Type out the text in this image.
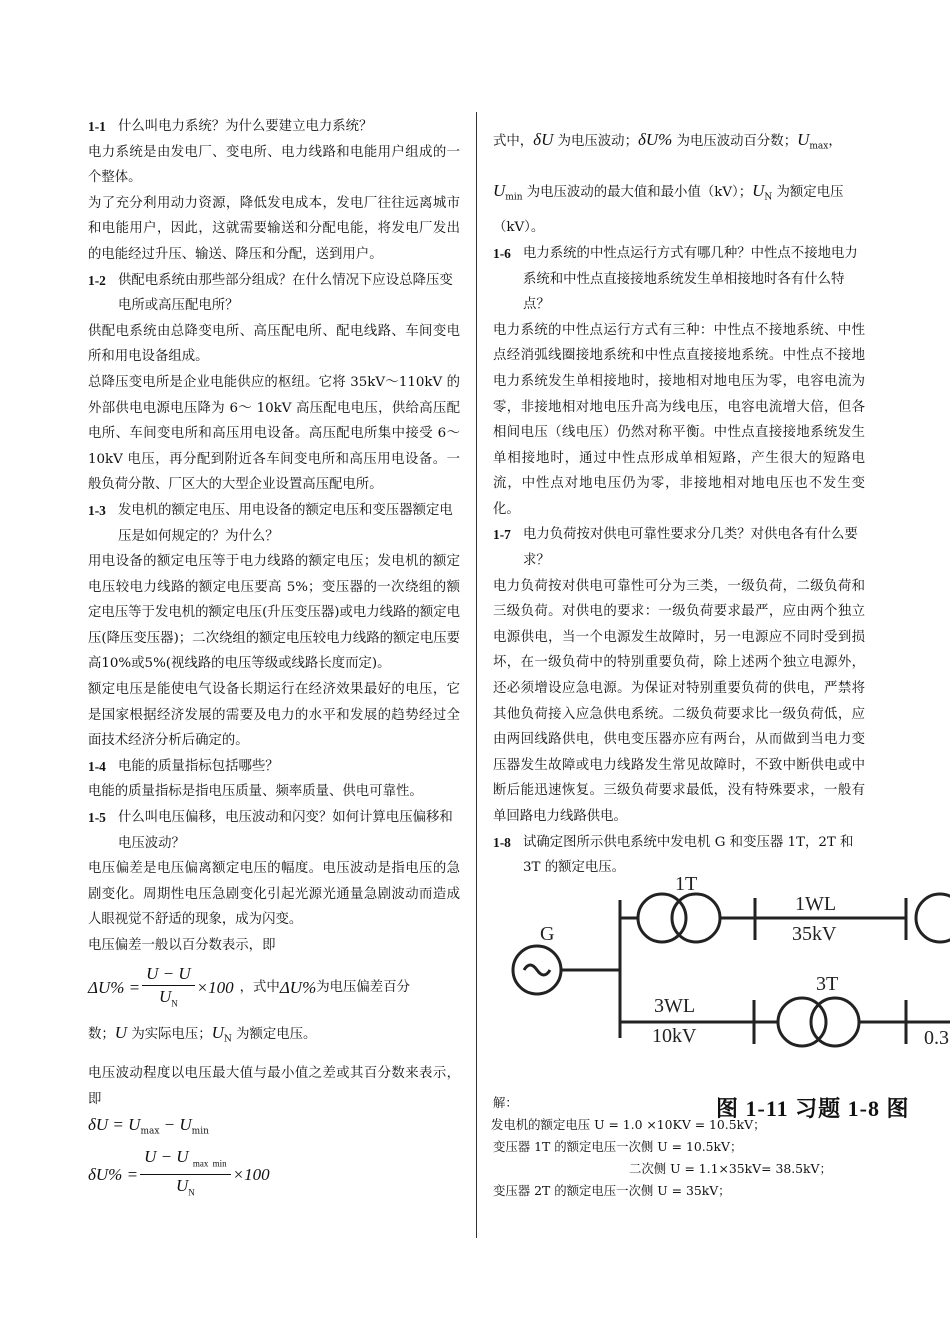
1-1 什么叫电力系统？为什么要建立电力系统？

电力系统是由发电厂、变电所、电力线路和电能用户组成的一个整体。

为了充分利用动力资源，降低发电成本，发电厂往往远离城市和电能用户，因此，这就需要输送和分配电能，将发电厂发出的电能经过升压、输送、降压和分配，送到用户。

1-2 供配电系统由那些部分组成？在什么情况下应设总降压变电所或高压配电所？

供配电系统由总降变电所、高压配电所、配电线路、车间变电所和用电设备组成。

总降压变电所是企业电能供应的枢纽。它将 35kV～110kV 的外部供电电源电压降为 6～ 10kV 高压配电电压，供给高压配电所、车间变电所和高压用电设备。高压配电所集中接受 6～10kV 电压，再分配到附近各车间变电所和高压用电设备。一般负荷分散、厂区大的大型企业设置高压配电所。

1-3 发电机的额定电压、用电设备的额定电压和变压器额定电压是如何规定的？为什么？

用电设备的额定电压等于电力线路的额定电压；发电机的额定电压较电力线路的额定电压要高 5%；变压器的一次绕组的额定电压等于发电机的额定电压(升压变压器)或电力线路的额定电压(降压变压器)；二次绕组的额定电压较电力线路的额定电压要高10%或5%(视线路的电压等级或线路长度而定)。

额定电压是能使电气设备长期运行在经济效果最好的电压，它是国家根据经济发展的需要及电力的水平和发展的趋势经过全面技术经济分析后确定的。

1-4 电能的质量指标包括哪些？

电能的质量指标是指电压质量、频率质量、供电可靠性。

1-5 什么叫电压偏移，电压波动和闪变？如何计算电压偏移和电压波动？

电压偏差是电压偏离额定电压的幅度。电压波动是指电压的急剧变化。周期性电压急剧变化引起光源光通量急剧波动而造成人眼视觉不舒适的现象，成为闪变。

电压偏差一般以百分数表示，即

$\Delta U\% = \frac{U - U}{U_N} \times 100$ ，式中 ΔU% 为电压偏差百分

数；U 为实际电压；$U_N$ 为额定电压。

电压波动程度以电压最大值与最小值之差或其百分数来表示，即

$\delta U = U_{max} - U_{min}$
$\delta U\% = \frac{U - U _{max} _{min}}{U_N} \times 100$

式中，δU 为电压波动；δU% 为电压波动百分数；$U_{max}$，

$U_{min}$ 为电压波动的最大值和最小值（kV）；$U_N$ 为额定电压

（kV）。

1-6 电力系统的中性点运行方式有哪几种？中性点不接地电力系统和中性点直接接地系统发生单相接地时各有什么特点？

电力系统的中性点运行方式有三种：中性点不接地系统、中性点经消弧线圈接地系统和中性点直接接地系统。中性点不接地电力系统发生单相接地时，接地相对地电压为零，电容电流为零，非接地相对地电压升高为线电压，电容电流增大倍，但各相间电压（线电压）仍然对称平衡。中性点直接接地系统发生单相接地时，通过中性点形成单相短路，产生很大的短路电流，中性点对地电压仍为零，非接地相对地电压也不发生变化。

1-7 电力负荷按对供电可靠性要求分几类？对供电各有什么要求？

电力负荷按对供电可靠性可分为三类，一级负荷，二级负荷和三级负荷。对供电的要求：一级负荷要求最严，应由两个独立电源供电，当一个电源发生故障时，另一电源应不同时受到损坏，在一级负荷中的特别重要负荷，除上述两个独立电源外，还必须增设应急电源。为保证对特别重要负荷的供电，严禁将其他负荷接入应急供电系统。二级负荷要求比一级负荷低，应由两回线路供电，供电变压器亦应有两台，从而做到当电力变压器发生故障或电力线路发生常见故障时，不致中断供电或中断后能迅速恢复。三级负荷要求最低，没有特殊要求，一般有单回路电力线路供电。

1-8 试确定图所示供电系统中发电机 G 和变压器 1T，2T 和 3T 的额定电压。
1T
G
1WL
35kV
3T
3WL
10kV	0.3
图 1-11 习题 1-8 图
解：
发电机的额定电压 U = 1.0 ×10KV = 10.5kV；
变压器 1T 的额定电压一次侧 U = 10.5kV；
二次侧 U = 1.1×35kV= 38.5kV；
变压器 2T 的额定电压一次侧 U = 35kV；
